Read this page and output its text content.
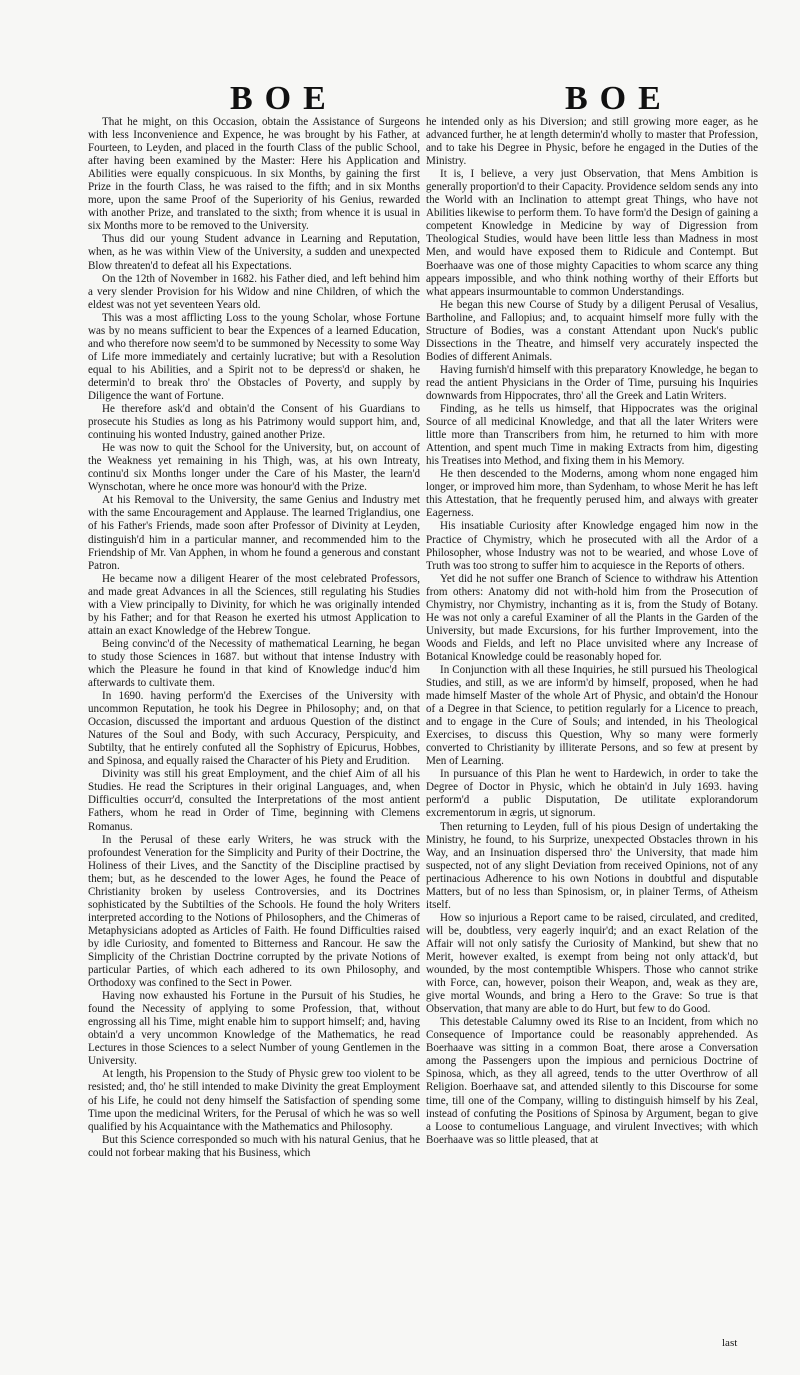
BOE	BOE

That he might, on this Occasion, obtain the Assistance of Surgeons with less Inconvenience and Expence, he was brought by his Father, at Fourteen, to Leyden, and placed in the fourth Class of the public School, after having been examined by the Master: Here his Application and Abilities were equally conspicuous. In six Months, by gaining the first Prize in the fourth Class, he was raised to the fifth; and in six Months more, upon the same Proof of the Superiority of his Genius, rewarded with another Prize, and translated to the sixth; from whence it is usual in six Months more to be removed to the University.

Thus did our young Student advance in Learning and Reputation, when, as he was within View of the University, a sudden and unexpected Blow threaten'd to defeat all his Expectations.

On the 12th of November in 1682. his Father died, and left behind him a very slender Provision for his Widow and nine Children, of which the eldest was not yet seventeen Years old.

This was a most afflicting Loss to the young Scholar, whose Fortune was by no means sufficient to bear the Expences of a learned Education, and who therefore now seem'd to be summoned by Necessity to some Way of Life more immediately and certainly lucrative; but with a Resolution equal to his Abilities, and a Spirit not to be depress'd or shaken, he determin'd to break thro' the Obstacles of Poverty, and supply by Diligence the want of Fortune.

He therefore ask'd and obtain'd the Consent of his Guardians to prosecute his Studies as long as his Patrimony would support him, and, continuing his wonted Industry, gained another Prize.

He was now to quit the School for the University, but, on account of the Weakness yet remaining in his Thigh, was, at his own Intreaty, continu'd six Months longer under the Care of his Master, the learn'd Wynschotan, where he once more was honour'd with the Prize.

At his Removal to the University, the same Genius and Industry met with the same Encouragement and Applause. The learned Triglandius, one of his Father's Friends, made soon after Professor of Divinity at Leyden, distinguish'd him in a particular manner, and recommended him to the Friendship of Mr. Van Apphen, in whom he found a generous and constant Patron.

He became now a diligent Hearer of the most celebrated Professors, and made great Advances in all the Sciences, still regulating his Studies with a View principally to Divinity, for which he was originally intended by his Father; and for that Reason he exerted his utmost Application to attain an exact Knowledge of the Hebrew Tongue.

Being convinc'd of the Necessity of mathematical Learning, he began to study those Sciences in 1687. but without that intense Industry with which the Pleasure he found in that kind of Knowledge induc'd him afterwards to cultivate them.

In 1690. having perform'd the Exercises of the University with uncommon Reputation, he took his Degree in Philosophy; and, on that Occasion, discussed the important and arduous Question of the distinct Natures of the Soul and Body, with such Accuracy, Perspicuity, and Subtilty, that he entirely confuted all the Sophistry of Epicurus, Hobbes, and Spinosa, and equally raised the Character of his Piety and Erudition.

Divinity was still his great Employment, and the chief Aim of all his Studies. He read the Scriptures in their original Languages, and, when Difficulties occurr'd, consulted the Interpretations of the most antient Fathers, whom he read in Order of Time, beginning with Clemens Romanus.

In the Perusal of these early Writers, he was struck with the profoundest Veneration for the Simplicity and Purity of their Doctrine, the Holiness of their Lives, and the Sanctity of the Discipline practised by them; but, as he descended to the lower Ages, he found the Peace of Christianity broken by useless Controversies, and its Doctrines sophisticated by the Subtilties of the Schools. He found the holy Writers interpreted according to the Notions of Philosophers, and the Chimeras of Metaphysicians adopted as Articles of Faith. He found Difficulties raised by idle Curiosity, and fomented to Bitterness and Rancour. He saw the Simplicity of the Christian Doctrine corrupted by the private Notions of particular Parties, of which each adhered to its own Philosophy, and Orthodoxy was confined to the Sect in Power.

Having now exhausted his Fortune in the Pursuit of his Studies, he found the Necessity of applying to some Profession, that, without engrossing all his Time, might enable him to support himself; and, having obtain'd a very uncommon Knowledge of the Mathematics, he read Lectures in those Sciences to a select Number of young Gentlemen in the University.

At length, his Propension to the Study of Physic grew too violent to be resisted; and, tho' he still intended to make Divinity the great Employment of his Life, he could not deny himself the Satisfaction of spending some Time upon the medicinal Writers, for the Perusal of which he was so well qualified by his Acquaintance with the Mathematics and Philosophy.

But this Science corresponded so much with his natural Genius, that he could not forbear making that his Business, which

he intended only as his Diversion; and still growing more eager, as he advanced further, he at length determin'd wholly to master that Profession, and to take his Degree in Physic, before he engaged in the Duties of the Ministry.

It is, I believe, a very just Observation, that Mens Ambition is generally proportion'd to their Capacity. Providence seldom sends any into the World with an Inclination to attempt great Things, who have not Abilities likewise to perform them. To have form'd the Design of gaining a competent Knowledge in Medicine by way of Digression from Theological Studies, would have been little less than Madness in most Men, and would have exposed them to Ridicule and Contempt. But Boerhaave was one of those mighty Capacities to whom scarce any thing appears impossible, and who think nothing worthy of their Efforts but what appears insurmountable to common Understandings.

He began this new Course of Study by a diligent Perusal of Vesalius, Bartholine, and Fallopius; and, to acquaint himself more fully with the Structure of Bodies, was a constant Attendant upon Nuck's public Dissections in the Theatre, and himself very accurately inspected the Bodies of different Animals.

Having furnish'd himself with this preparatory Knowledge, he began to read the antient Physicians in the Order of Time, pursuing his Inquiries downwards from Hippocrates, thro' all the Greek and Latin Writers.

Finding, as he tells us himself, that Hippocrates was the original Source of all medicinal Knowledge, and that all the later Writers were little more than Transcribers from him, he returned to him with more Attention, and spent much Time in making Extracts from him, digesting his Treatises into Method, and fixing them in his Memory.

He then descended to the Moderns, among whom none engaged him longer, or improved him more, than Sydenham, to whose Merit he has left this Attestation, that he frequently perused him, and always with greater Eagerness.

His insatiable Curiosity after Knowledge engaged him now in the Practice of Chymistry, which he prosecuted with all the Ardor of a Philosopher, whose Industry was not to be wearied, and whose Love of Truth was too strong to suffer him to acquiesce in the Reports of others.

Yet did he not suffer one Branch of Science to withdraw his Attention from others: Anatomy did not with-hold him from the Prosecution of Chymistry, nor Chymistry, inchanting as it is, from the Study of Botany. He was not only a careful Examiner of all the Plants in the Garden of the University, but made Excursions, for his further Improvement, into the Woods and Fields, and left no Place unvisited where any Increase of Botanical Knowledge could be reasonably hoped for.

In Conjunction with all these Inquiries, he still pursued his Theological Studies, and still, as we are inform'd by himself, proposed, when he had made himself Master of the whole Art of Physic, and obtain'd the Honour of a Degree in that Science, to petition regularly for a Licence to preach, and to engage in the Cure of Souls; and intended, in his Theological Exercises, to discuss this Question, Why so many were formerly converted to Christianity by illiterate Persons, and so few at present by Men of Learning.

In pursuance of this Plan he went to Hardewich, in order to take the Degree of Doctor in Physic, which he obtain'd in July 1693. having perform'd a public Disputation, De utilitate explorandorum excrementorum in ægris, ut signorum.

Then returning to Leyden, full of his pious Design of undertaking the Ministry, he found, to his Surprize, unexpected Obstacles thrown in his Way, and an Insinuation dispersed thro' the University, that made him suspected, not of any slight Deviation from received Opinions, not of any pertinacious Adherence to his own Notions in doubtful and disputable Matters, but of no less than Spinosism, or, in plainer Terms, of Atheism itself.

How so injurious a Report came to be raised, circulated, and credited, will be, doubtless, very eagerly inquir'd; and an exact Relation of the Affair will not only satisfy the Curiosity of Mankind, but shew that no Merit, however exalted, is exempt from being not only attack'd, but wounded, by the most contemptible Whispers. Those who cannot strike with Force, can, however, poison their Weapon, and, weak as they are, give mortal Wounds, and bring a Hero to the Grave: So true is that Observation, that many are able to do Hurt, but few to do Good.

This detestable Calumny owed its Rise to an Incident, from which no Consequence of Importance could be reasonably apprehended. As Boerhaave was sitting in a common Boat, there arose a Conversation among the Passengers upon the impious and pernicious Doctrine of Spinosa, which, as they all agreed, tends to the utter Overthrow of all Religion. Boerhaave sat, and attended silently to this Discourse for some time, till one of the Company, willing to distinguish himself by his Zeal, instead of confuting the Positions of Spinosa by Argument, began to give a Loose to contumelious Language, and virulent Invectives; with which Boerhaave was so little pleased, that at

last
